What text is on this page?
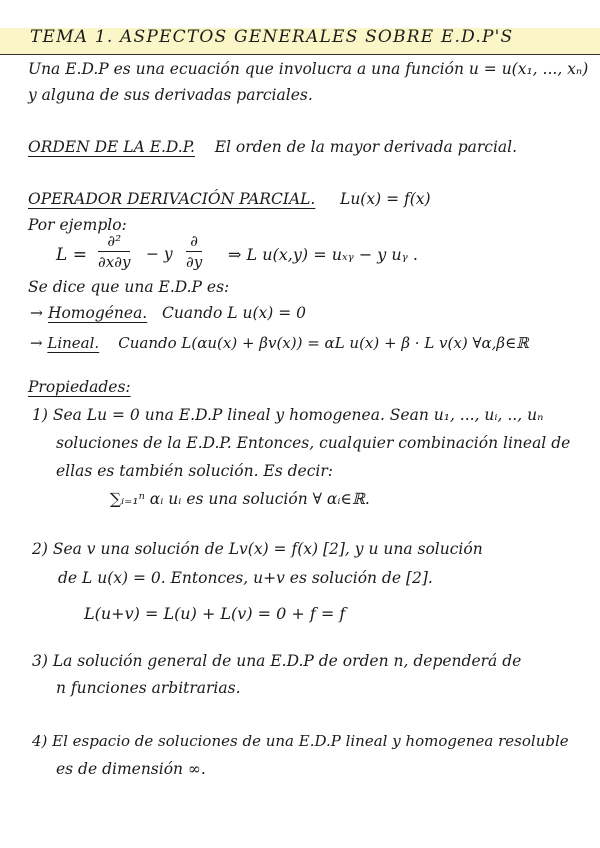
TEMA 1. ASPECTOS GENERALES SOBRE E.D.P'S
Una E.D.P es una ecuación que involucra a una función u = u(x₁, ..., xₙ)
y alguna de sus derivadas parciales.
ORDEN DE LA E.D.P. El orden de la mayor derivada parcial.
OPERADOR DERIVACIÓN PARCIAL. Lu(x) = f(x)
Por ejemplo:
L =
∂²
∂x∂y − y
∂
∂y ⇒ L u(x,y) = uₓᵧ − y uᵧ .
Se dice que una E.D.P es:
→ Homogénea. Cuando L u(x) = 0
→ Lineal. Cuando L(αu(x) + βv(x)) = αL u(x) + β · L v(x) ∀α,β∈ℝ
Propiedades:
1) Sea Lu = 0 una E.D.P lineal y homogenea. Sean u₁, ..., uᵢ, .., uₙ
soluciones de la E.D.P. Entonces, cualquier combinación lineal de
ellas es también solución. Es decir:
∑ᵢ₌₁ⁿ αᵢ uᵢ es una solución ∀ αᵢ∈ℝ.
2) Sea v una solución de Lv(x) = f(x) [2], y u una solución
de L u(x) = 0. Entonces, u+v es solución de [2].
L(u+v) = L(u) + L(v) = 0 + f = f
3) La solución general de una E.D.P de orden n, dependerá de
n funciones arbitrarias.
4) El espacio de soluciones de una E.D.P lineal y homogenea resoluble
es de dimensión ∞.
